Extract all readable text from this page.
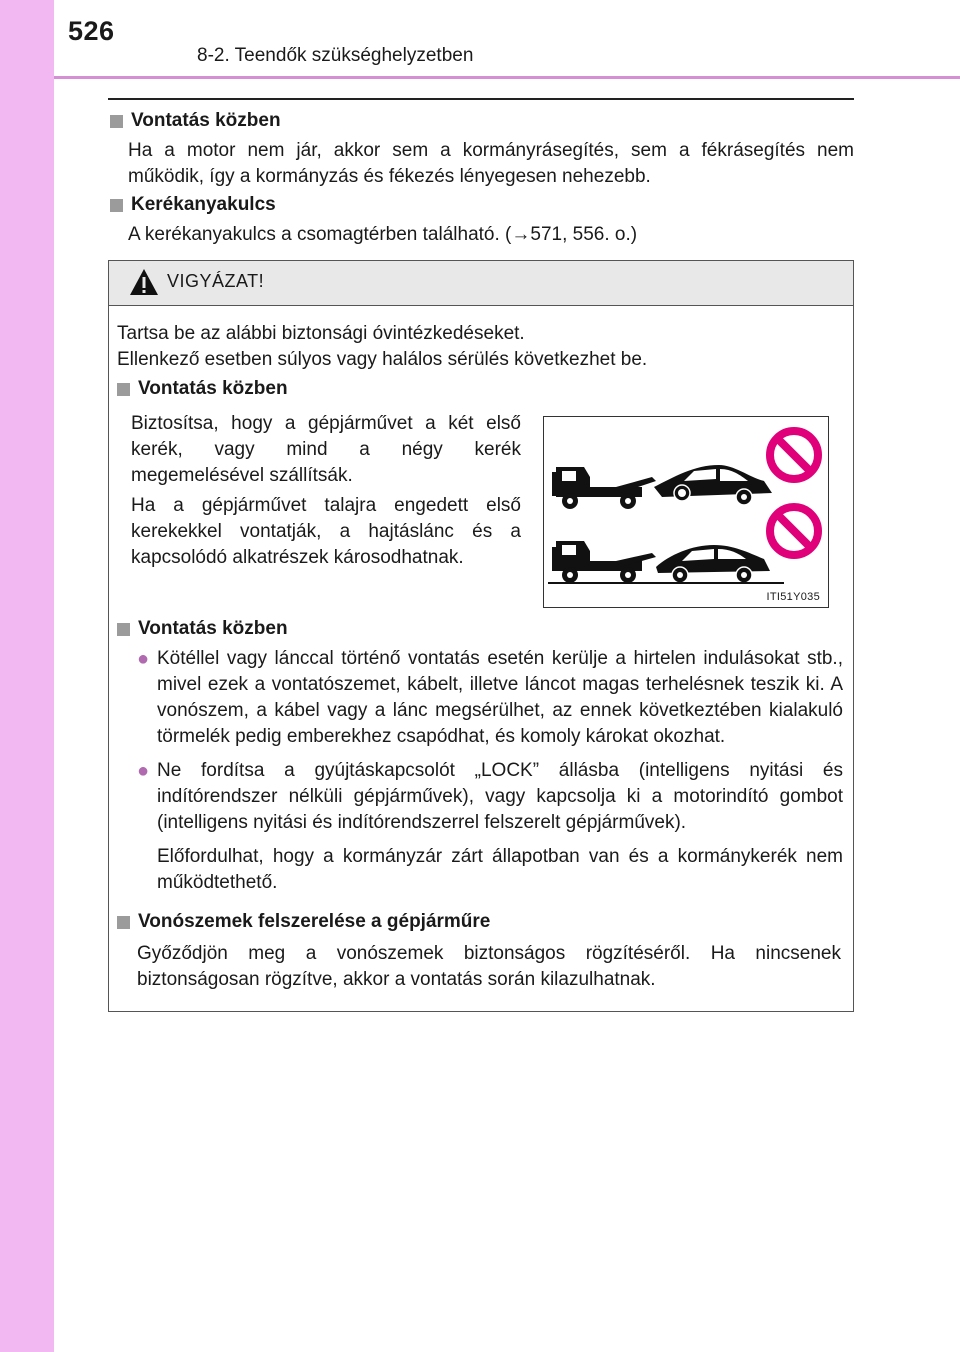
526
8-2. Teendők szükséghelyzetben
Vontatás közben
Ha a motor nem jár, akkor sem a kormányrásegítés, sem a fékrásegítés nem működik, így a kormányzás és fékezés lényegesen nehezebb.
Kerékanyakulcs
A kerékanyakulcs a csomagtérben található. (→571, 556. o.)
VIGYÁZAT!
Tartsa be az alábbi biztonsági óvintézkedéseket.
Ellenkező esetben súlyos vagy halálos sérülés következhet be.
Vontatás közben
Biztosítsa, hogy a gépjárművet a két első kerék, vagy mind a négy kerék megemelésével szállítsák.
Ha a gépjárművet talajra engedett első kerekekkel vontatják, a hajtáslánc és a kapcsolódó alkatrészek károsodhatnak.
Vontatás közben
● Kötéllel vagy lánccal történő vontatás esetén kerülje a hirtelen indulásokat stb., mivel ezek a vontatószemet, kábelt, illetve láncot magas terhelésnek teszik ki. A vonószem, a kábel vagy a lánc megsérülhet, az ennek következtében kialakuló törmelék pedig emberekhez csapódhat, és komoly károkat okozhat.
● Ne fordítsa a gyújtáskapcsolót „LOCK” állásba (intelligens nyitási és indítórendszer nélküli gépjárművek), vagy kapcsolja ki a motorindító gombot (intelligens nyitási és indítórendszerrel felszerelt gépjárművek).
Előfordulhat, hogy a kormányzár zárt állapotban van és a kormánykerék nem működtethető.
Vonószemek felszerelése a gépjárműre
Győződjön meg a vonószemek biztonságos rögzítéséről. Ha nincsenek biztonságosan rögzítve, akkor a vontatás során kilazulhatnak.
ITI51Y035
